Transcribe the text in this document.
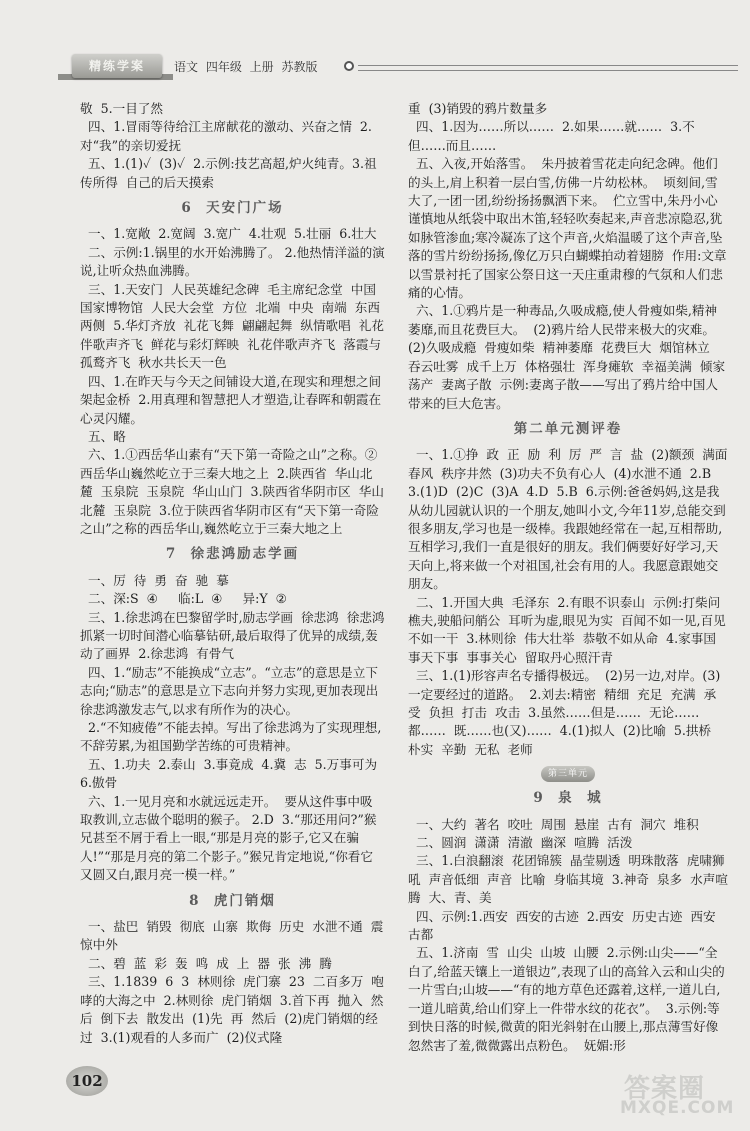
精练学案	语文 四年级 上册 苏教版

敬  5.一目了然

四、1.冒雨等待给江主席献花的激动、兴奋之情  2.对“我”的亲切爱抚

五、1.(1)✓  (3)✓  2.示例:技艺高超,炉火纯青。3.祖传所得  自己的后天摸索

6  天安门广场

一、1.宽敞  2.宽阔  3.宽广  4.壮观  5.壮丽  6.壮大

二、示例:1.锅里的水开始沸腾了。 2.他热情洋溢的演说,让听众热血沸腾。

三、1.天安门  人民英雄纪念碑  毛主席纪念堂  中国国家博物馆  人民大会堂  方位  北端  中央  南端  东西两侧  5.华灯齐放  礼花飞舞  翩翩起舞  纵情歌唱  礼花伴歌声齐飞  鲜花与彩灯辉映  礼花伴歌声齐飞  落霞与孤鹜齐飞  秋水共长天一色

四、1.在昨天与今天之间铺设大道,在现实和理想之间架起金桥  2.用真理和智慧把人才塑造,让春晖和朝霞在心灵闪耀。

五、略

六、1.①西岳华山素有“天下第一奇险之山”之称。②西岳华山巍然屹立于三秦大地之上  2.陕西省  华山北麓  玉泉院  玉泉院  华山山门  3.陕西省华阴市区  华山北麓  玉泉院  3.位于陕西省华阴市区有“天下第一奇险之山”之称的西岳华山,巍然屹立于三秦大地之上

7  徐悲鸿励志学画

一、厉  待  勇  奋  驰  摹

二、深:S  ④     临:L  ④     异:Y  ②

三、1.徐悲鸿在巴黎留学时,励志学画  徐悲鸿  徐悲鸿抓紧一切时间潜心临摹钻研,最后取得了优异的成绩,轰动了画界  2.徐悲鸿  有骨气

四、1.“励志”不能换成“立志”。“立志”的意思是立下志向;“励志”的意思是立下志向并努力实现,更加表现出徐悲鸿激发志气,以求有所作为的决心。

2.“不知疲倦”不能去掉。写出了徐悲鸿为了实现理想,不辞劳累,为祖国勤学苦练的可贵精神。

五、1.功夫  2.泰山  3.事竟成  4.冀  志  5.万事可为  6.傲骨

六、1.一见月亮和水就远远走开。  要从这件事中吸取教训,立志做个聪明的猴子。 2.D  3.“那还用问?”猴兄甚至不屑于看上一眼,“那是月亮的影子,它又在骗人!”“那是月亮的第二个影子。”猴兄肯定地说,“你看它又圆又白,跟月亮一模一样。”

8  虎门销烟

一、盐巴  销毁  彻底  山寨  欺侮  历史  水泄不通  震惊中外

二、碧  蓝  彩  轰  鸣  成  上  器  张  沸  腾

三、1.1839  6  3  林则徐  虎门寨  23  二百多万  咆哮的大海之中  2.林则徐  虎门销烟  3.首下再  抛入  然后  倒下去  散发出  (1)先  再  然后  (2)虎门销烟的经过  3.(1)观看的人多而广  (2)仪式隆

重  (3)销毁的鸦片数量多

四、1.因为……所以……  2.如果……就……  3.不但……而且……

五、入夜,开始落雪。  朱丹披着雪花走向纪念碑。他们的头上,肩上积着一层白雪,仿佛一片幼松林。  顷刻间,雪大了,一团一团,纷纷扬扬飘洒下来。  伫立雪中,朱丹小心谨慎地从纸袋中取出木笛,轻轻吹奏起来,声音悲凉隐忍,犹如脉管渗血;寒冷凝冻了这个声音,火焰温暖了这个声音,坠落的雪片纷纷扬扬,像亿万只白蝴蝶拍动着翅膀  作用:文章以雪景衬托了国家公祭日这一天庄重肃穆的气氛和人们悲痛的心情。

六、1.①鸦片是一种毒品,久吸成瘾,使人骨瘦如柴,精神萎靡,而且花费巨大。  (2)鸦片给人民带来极大的灾难。(2)久吸成瘾  骨瘦如柴  精神萎靡  花费巨大  烟馆林立  吞云吐雾  成千上万  体格强壮  浑身瘫软  幸福美满  倾家荡产  妻离子散  示例:妻离子散——写出了鸦片给中国人带来的巨大危害。

第二单元测评卷

一、1.①挣  政  正  励  利  厉  严  言  盐  (2)额颈  满面春风  秩序井然  (3)功夫不负有心人  (4)水泄不通  2.B  3.(1)D  (2)C  (3)A  4.D  5.B  6.示例:爸爸妈妈,这是我从幼儿园就认识的一个朋友,她叫小文,今年11岁,总能交到很多朋友,学习也是一级棒。我跟她经常在一起,互相帮助,互相学习,我们一直是很好的朋友。我们俩要好好学习,天天向上,将来做一个对祖国,社会有用的人。我愿意跟她交朋友。

二、1.开国大典  毛泽东  2.有眼不识泰山  示例:打柴问樵夫,驶船问艄公  耳听为虚,眼见为实  百闻不如一见,百见不如一干  3.林则徐  伟大壮举  恭敬不如从命  4.家事国事天下事  事事关心  留取丹心照汗青

三、1.(1)形容声名专播得极远。  (2)另一边,对岸。(3)一定要经过的道路。  2.刘去:精密  精细  充足  充满  承受  负担  打击  攻击  3.虽然……但是……  无论……都……  既……也(又)……  4.(1)拟人  (2)比喻  5.拱桥  朴实  辛勤  无私  老师

第三单元

9  泉  城

一、大约  著名  咬吐  周围  悬崖  古有  洞穴  堆积

二、圆润  潇潇  清澈  幽深  喧腾  活泼

三、1.白浪翻滚  花团锦簇  晶莹剔透  明珠散落  虎啸狮吼  声音低细  声音  比喻  身临其境  3.神奇  泉多  水声喧腾  大、青、美

四、示例:1.西安  西安的古迹  2.西安  历史古迹  西安  古都

五、1.济南  雪  山尖  山坡  山腰  2.示例:山尖——“全白了,给蓝天镶上一道银边”,表现了山的高耸入云和山尖的一片雪白;山坡——“有的地方草色还露着,这样,一道儿白,一道儿暗黄,给山们穿上一件带水纹的花衣”。  3.示例:等到快日落的时候,微黄的阳光斜射在山腰上,那点薄雪好像忽然害了羞,微微露出点粉色。  妩媚:形

102	答案圈
MXQE.COM
